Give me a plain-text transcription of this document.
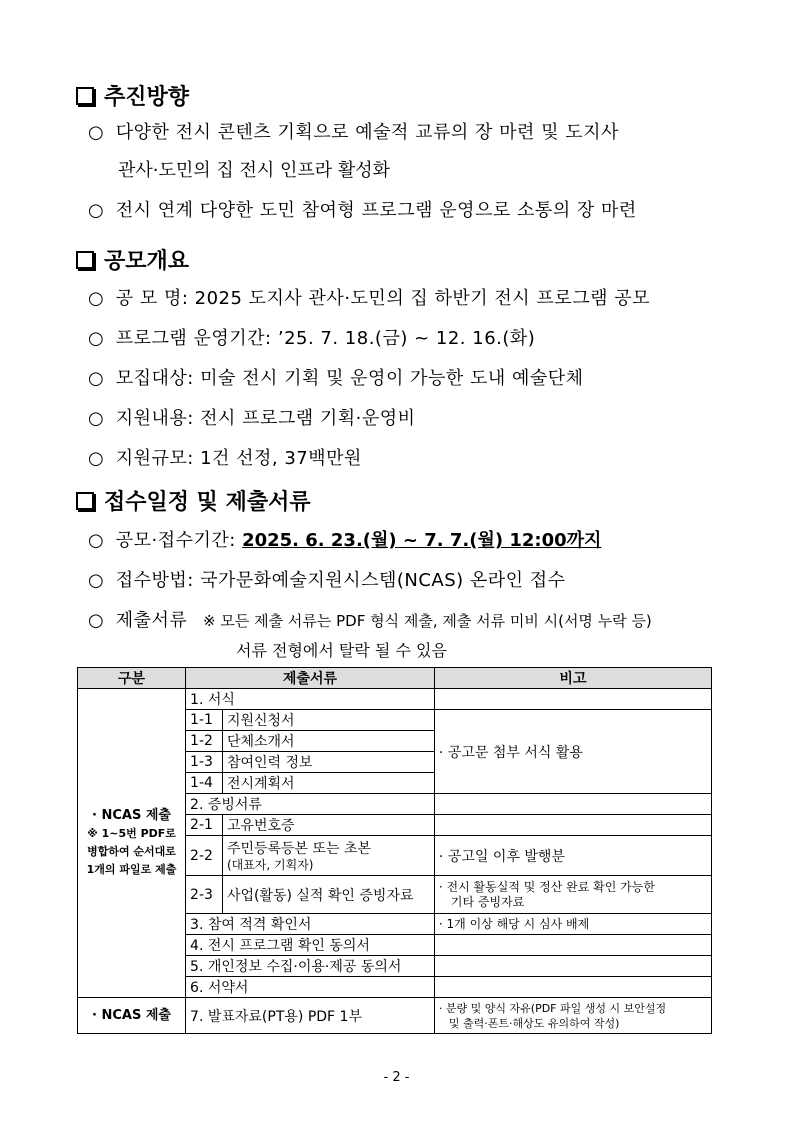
추진방향
○ 다양한 전시 콘텐츠 기획으로 예술적 교류의 장 마련 및 도지사
관사·도민의 집 전시 인프라 활성화
○ 전시 연계 다양한 도민 참여형 프로그램 운영으로 소통의 장 마련
공모개요
○ 공 모 명: 2025 도지사 관사·도민의 집 하반기 전시 프로그램 공모
○ 프로그램 운영기간: ’25. 7. 18.(금) ~ 12. 16.(화)
○ 모집대상: 미술 전시 기획 및 운영이 가능한 도내 예술단체
○ 지원내용: 전시 프로그램 기획·운영비
○ 지원규모: 1건 선정, 37백만원
접수일정 및 제출서류
○ 공모·접수기간: 2025. 6. 23.(월) ~ 7. 7.(월) 12:00까지
○ 접수방법: 국가문화예술지원시스템(NCAS) 온라인 접수
○ 제출서류 ※ 모든 제출 서류는 PDF 형식 제출, 제출 서류 미비 시(서명 누락 등)
서류 전형에서 탈락 될 수 있음
구분	제출서류		비고

· NCAS 제출
※ 1~5번 PDF로 병합하여 순서대로 1개의 파일로 제출	1. 서식		
	1-1	지원신청서	· 공고문 첨부 서식 활용
	1-2	단체소개서	
	1-3	참여인력 정보	
	1-4	전시계획서	
	2. 증빙서류		
	2-1	고유번호증	
	2-2	주민등록등본 또는 초본
(대표자, 기획자)	· 공고일 이후 발행분
	2-3	사업(활동) 실적 확인 증빙자료	· 전시 활동실적 및 정산 완료 확인 가능한
기타 증빙자료

	3. 참여 적격 확인서		· 1개 이상 해당 시 심사 배제
	4. 전시 프로그램 확인 동의서		
	5. 개인정보 수집·이용·제공 동의서		
	6. 서약서		

· NCAS 제출	7. 발표자료(PT용) PDF 1부		· 분량 및 양식 자유(PDF 파일 생성 시 보안설정
및 출력·폰트·해상도 유의하여 작성)
- 2 -
